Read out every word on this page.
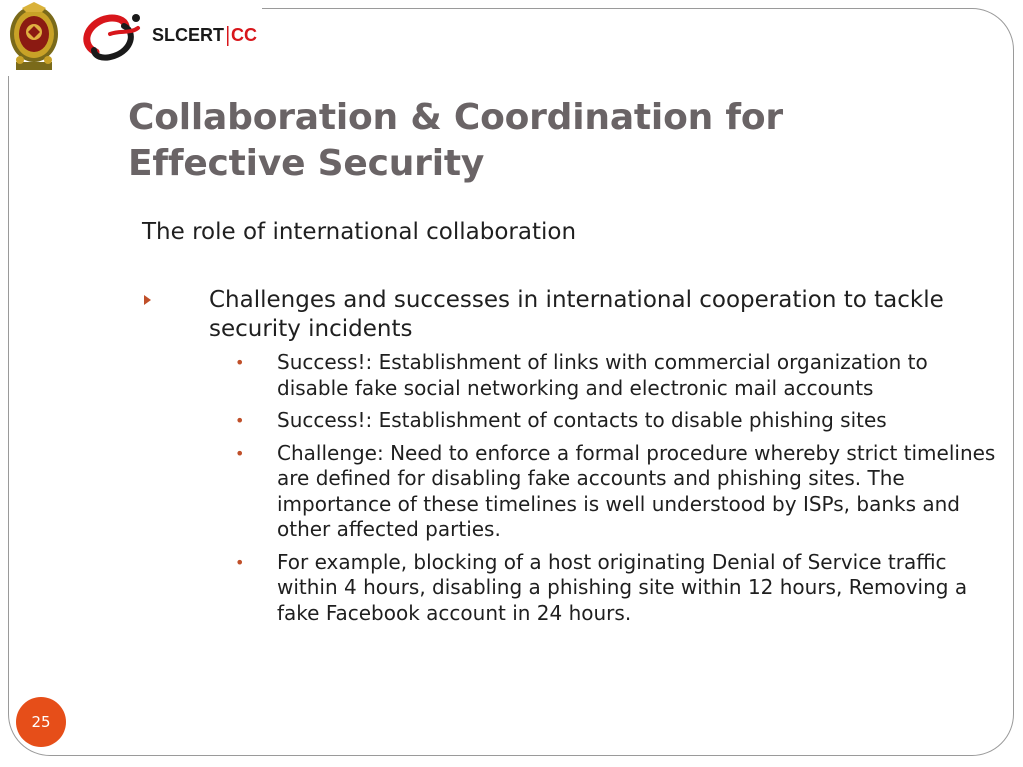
SLCERT CC
Collaboration & Coordination for
Effective Security

The role of international collaboration

Challenges and successes in international cooperation to tackle security incidents

• Success!: Establishment of links with commercial organization to disable fake social networking and electronic mail accounts
• Success!: Establishment of contacts to disable phishing sites
• Challenge: Need to enforce a formal procedure whereby strict timelines are defined for disabling fake accounts and phishing sites. The importance of these timelines is well understood by ISPs, banks and other affected parties.
• For example, blocking of a host originating Denial of Service traffic within 4 hours, disabling a phishing site within 12 hours, Removing a fake Facebook account in 24 hours.
25
